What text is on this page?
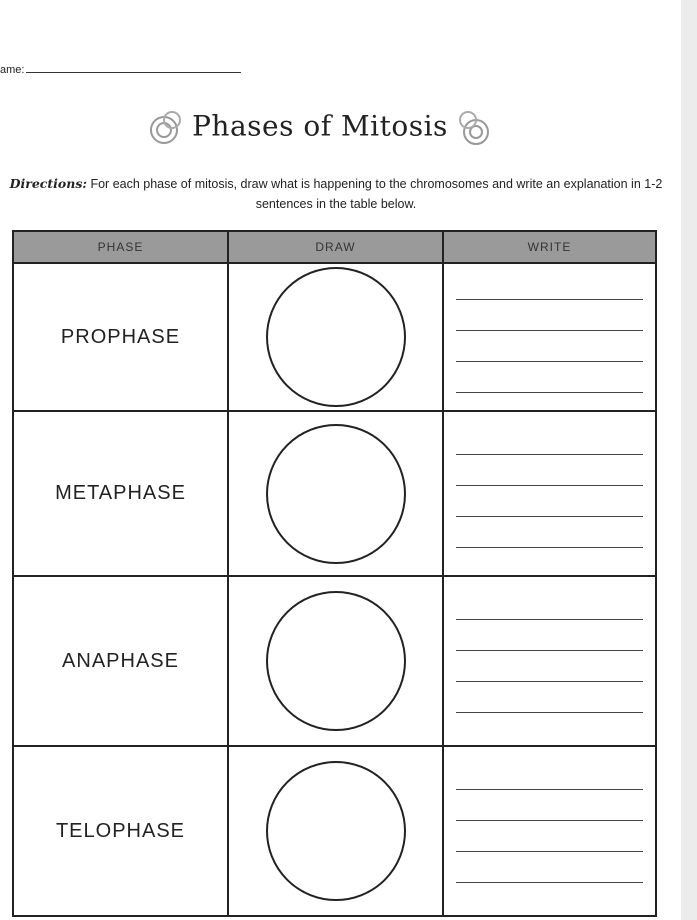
ame:
Phases of Mitosis
Directions: For each phase of mitosis, draw what is happening to the chromosomes and write an explanation in 1-2 sentences in the table below.
PHASE	DRAW	WRITE
PROPHASE	

METAPHASE	

ANAPHASE	

TELOPHASE	
